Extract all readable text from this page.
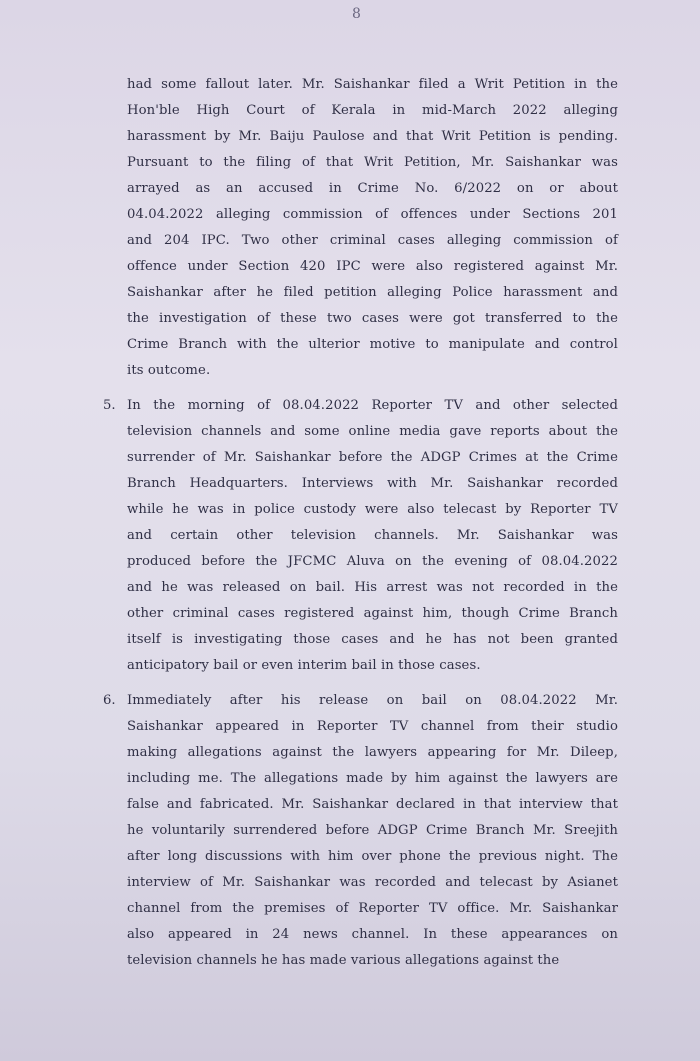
8
had some fallout later. Mr. Saishankar filed a Writ Petition in the
Hon'ble High Court of Kerala in mid-March 2022 alleging
harassment by Mr. Baiju Paulose and that Writ Petition is pending.
Pursuant to the filing of that Writ Petition, Mr. Saishankar was
arrayed as an accused in Crime No. 6/2022 on or about
04.04.2022 alleging commission of offences under Sections 201
and 204 IPC. Two other criminal cases alleging commission of
offence under Section 420 IPC were also registered against Mr.
Saishankar after he filed petition alleging Police harassment and
the investigation of these two cases were got transferred to the
Crime Branch with the ulterior motive to manipulate and control
its outcome.
5. In the morning of 08.04.2022 Reporter TV and other selected
television channels and some online media gave reports about the
surrender of Mr. Saishankar before the ADGP Crimes at the Crime
Branch Headquarters. Interviews with Mr. Saishankar recorded
while he was in police custody were also telecast by Reporter TV
and certain other television channels. Mr. Saishankar was
produced before the JFCMC Aluva on the evening of 08.04.2022
and he was released on bail. His arrest was not recorded in the
other criminal cases registered against him, though Crime Branch
itself is investigating those cases and he has not been granted
anticipatory bail or even interim bail in those cases.
6. Immediately after his release on bail on 08.04.2022 Mr.
Saishankar appeared in Reporter TV channel from their studio
making allegations against the lawyers appearing for Mr. Dileep,
including me. The allegations made by him against the lawyers are
false and fabricated. Mr. Saishankar declared in that interview that
he voluntarily surrendered before ADGP Crime Branch Mr. Sreejith
after long discussions with him over phone the previous night. The
interview of Mr. Saishankar was recorded and telecast by Asianet
channel from the premises of Reporter TV office. Mr. Saishankar
also appeared in 24 news channel. In these appearances on
television channels he has made various allegations against the
